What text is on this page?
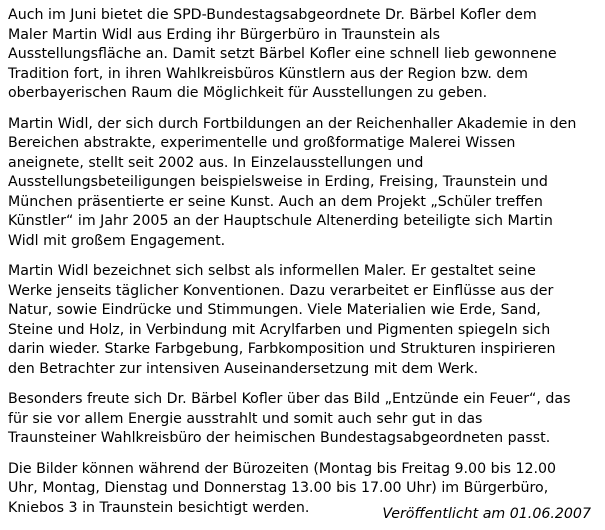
Auch im Juni bietet die SPD-Bundestagsabgeordnete Dr. Bärbel Kofler dem
Maler Martin Widl aus Erding ihr Bürgerbüro in Traunstein als
Ausstellungsfläche an. Damit setzt Bärbel Kofler eine schnell lieb gewonnene
Tradition fort, in ihren Wahlkreisbüros Künstlern aus der Region bzw. dem
oberbayerischen Raum die Möglichkeit für Ausstellungen zu geben.

Martin Widl, der sich durch Fortbildungen an der Reichenhaller Akademie in den
Bereichen abstrakte, experimentelle und großformatige Malerei Wissen
aneignete, stellt seit 2002 aus. In Einzelausstellungen und
Ausstellungsbeteiligungen beispielsweise in Erding, Freising, Traunstein und
München präsentierte er seine Kunst. Auch an dem Projekt „Schüler treffen
Künstler“ im Jahr 2005 an der Hauptschule Altenerding beteiligte sich Martin
Widl mit großem Engagement.

Martin Widl bezeichnet sich selbst als informellen Maler. Er gestaltet seine
Werke jenseits täglicher Konventionen. Dazu verarbeitet er Einflüsse aus der
Natur, sowie Eindrücke und Stimmungen. Viele Materialien wie Erde, Sand,
Steine und Holz, in Verbindung mit Acrylfarben und Pigmenten spiegeln sich
darin wieder. Starke Farbgebung, Farbkomposition und Strukturen inspirieren
den Betrachter zur intensiven Auseinandersetzung mit dem Werk.

Besonders freute sich Dr. Bärbel Kofler über das Bild „Entzünde ein Feuer“, das
für sie vor allem Energie ausstrahlt und somit auch sehr gut in das
Traunsteiner Wahlkreisbüro der heimischen Bundestagsabgeordneten passt.

Die Bilder können während der Bürozeiten (Montag bis Freitag 9.00 bis 12.00
Uhr, Montag, Dienstag und Donnerstag 13.00 bis 17.00 Uhr) im Bürgerbüro,
Kniebos 3 in Traunstein besichtigt werden.	Veröffentlicht am 01.06.2007
